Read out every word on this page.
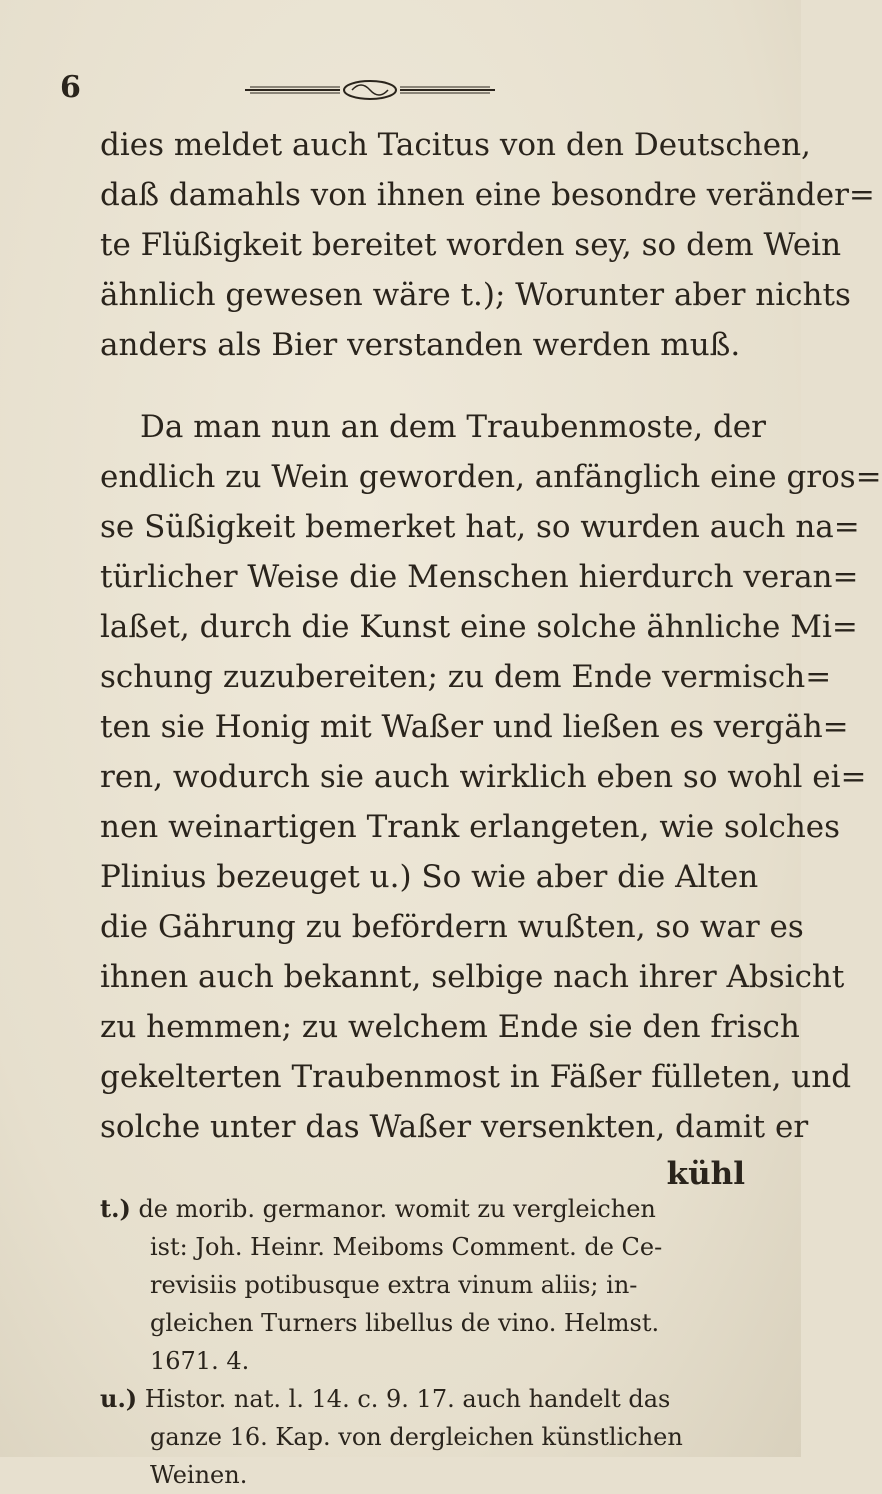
6
dies meldet auch Tacitus von den Deutschen,
daß damahls von ihnen eine besondre veränder=
te Flüßigkeit bereitet worden sey, so dem Wein
ähnlich gewesen wäre t.); Worunter aber nichts
anders als Bier verstanden werden muß.
Da man nun an dem Traubenmoste, der
endlich zu Wein geworden, anfänglich eine gros=
se Süßigkeit bemerket hat, so wurden auch na=
türlicher Weise die Menschen hierdurch veran=
laßet, durch die Kunst eine solche ähnliche Mi=
schung zuzubereiten; zu dem Ende vermisch=
ten sie Honig mit Waßer und ließen es vergäh=
ren, wodurch sie auch wirklich eben so wohl ei=
nen weinartigen Trank erlangeten, wie solches
Plinius bezeuget u.) So wie aber die Alten
die Gährung zu befördern wußten, so war es
ihnen auch bekannt, selbige nach ihrer Absicht
zu hemmen; zu welchem Ende sie den frisch
gekelterten Traubenmost in Fäßer fülleten, und
solche unter das Waßer versenkten, damit er
kühl
t.) de morib. germanor. womit zu vergleichen
ist: Joh. Heinr. Meiboms Comment. de Ce-
revisiis potibusque extra vinum aliis; in-
gleichen Turners libellus de vino. Helmst.
1671. 4.
u.) Histor. nat. l. 14. c. 9. 17. auch handelt das
ganze 16. Kap. von dergleichen künstlichen
Weinen.
